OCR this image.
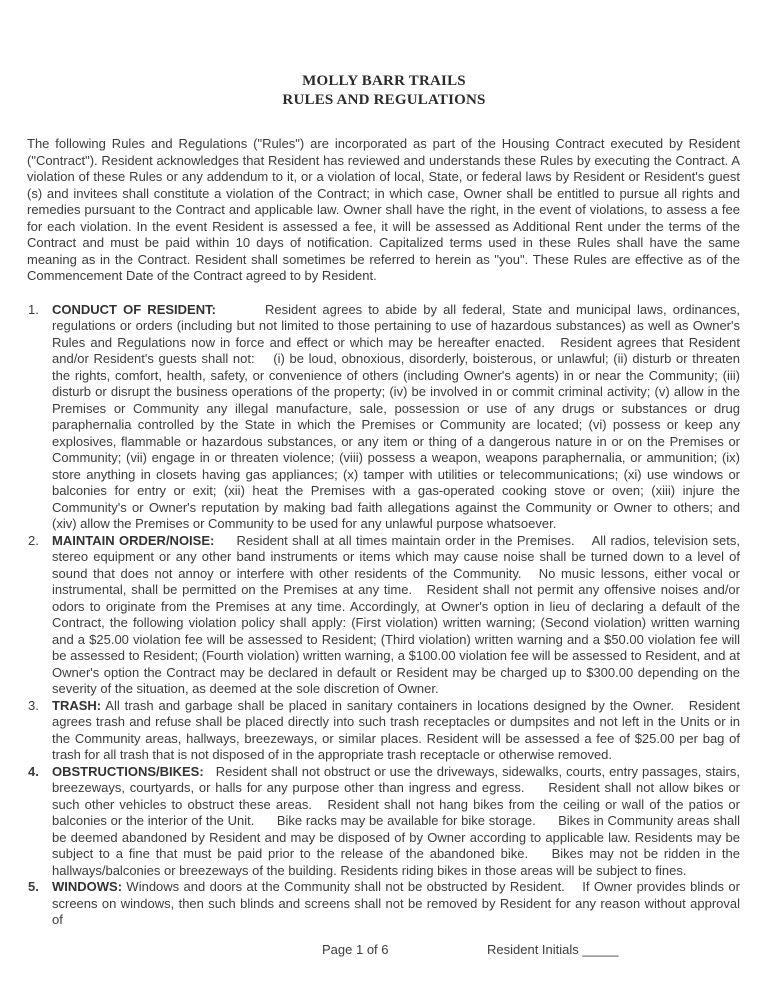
MOLLY BARR TRAILS
RULES AND REGULATIONS

The following Rules and Regulations ("Rules") are incorporated as part of the Housing Contract executed by Resident ("Contract"). Resident acknowledges that Resident has reviewed and understands these Rules by executing the Contract. A violation of these Rules or any addendum to it, or a violation of local, State, or federal laws by Resident or Resident's guest (s) and invitees shall constitute a violation of the Contract; in which case, Owner shall be entitled to pursue all rights and remedies pursuant to the Contract and applicable law. Owner shall have the right, in the event of violations, to assess a fee for each violation. In the event Resident is assessed a fee, it will be assessed as Additional Rent under the terms of the Contract and must be paid within 10 days of notification. Capitalized terms used in these Rules shall have the same meaning as in the Contract. Resident shall sometimes be referred to herein as "you". These Rules are effective as of the Commencement Date of the Contract agreed to by Resident.

1. CONDUCT OF RESIDENT:        Resident agrees to abide by all federal, State and municipal laws, ordinances, regulations or orders (including but not limited to those pertaining to use of hazardous substances) as well as Owner's Rules and Regulations now in force and effect or which may be hereafter enacted.   Resident agrees that Resident and/or Resident's guests shall not:    (i) be loud, obnoxious, disorderly, boisterous, or unlawful; (ii) disturb or threaten the rights, comfort, health, safety, or convenience of others (including Owner's agents) in or near the Community; (iii) disturb or disrupt the business operations of the property; (iv) be involved in or commit criminal activity; (v) allow in the Premises or Community any illegal manufacture, sale, possession or use of any drugs or substances or drug paraphernalia controlled by the State in which the Premises or Community are located; (vi) possess or keep any explosives, flammable or hazardous substances, or any item or thing of a dangerous nature in or on the Premises or Community; (vii) engage in or threaten violence; (viii) possess a weapon, weapons paraphernalia, or ammunition; (ix) store anything in closets having gas appliances; (x) tamper with utilities or telecommunications; (xi) use windows or balconies for entry or exit; (xii) heat the Premises with a gas-operated cooking stove or oven; (xiii) injure the Community's or Owner's reputation by making bad faith allegations against the Community or Owner to others; and (xiv) allow the Premises or Community to be used for any unlawful purpose whatsoever.
2. MAINTAIN ORDER/NOISE:     Resident shall at all times maintain order in the Premises.    All radios, television sets, stereo equipment or any other band instruments or items which may cause noise shall be turned down to a level of sound that does not annoy or interfere with other residents of the Community.   No music lessons, either vocal or instrumental, shall be permitted on the Premises at any time.   Resident shall not permit any offensive noises and/or odors to originate from the Premises at any time. Accordingly, at Owner's option in lieu of declaring a default of the Contract, the following violation policy shall apply: (First violation) written warning; (Second violation) written warning and a $25.00 violation fee will be assessed to Resident; (Third violation) written warning and a $50.00 violation fee will be assessed to Resident; (Fourth violation) written warning, a $100.00 violation fee will be assessed to Resident, and at Owner's option the Contract may be declared in default or Resident may be charged up to $300.00 depending on the severity of the situation, as deemed at the sole discretion of Owner.
3. TRASH: All trash and garbage shall be placed in sanitary containers in locations designed by the Owner.   Resident agrees trash and refuse shall be placed directly into such trash receptacles or dumpsites and not left in the Units or in the Community areas, hallways, breezeways, or similar places. Resident will be assessed a fee of $25.00 per bag of trash for all trash that is not disposed of in the appropriate trash receptacle or otherwise removed.
4. OBSTRUCTIONS/BIKES:   Resident shall not obstruct or use the driveways, sidewalks, courts, entry passages, stairs, breezeways, courtyards, or halls for any purpose other than ingress and egress.     Resident shall not allow bikes or such other vehicles to obstruct these areas.   Resident shall not hang bikes from the ceiling or wall of the patios or balconies or the interior of the Unit.      Bike racks may be available for bike storage.      Bikes in Community areas shall be deemed abandoned by Resident and may be disposed of by Owner according to applicable law. Residents may be subject to a fine that must be paid prior to the release of the abandoned bike.    Bikes may not be ridden in the hallways/balconies or breezeways of the building. Residents riding bikes in those areas will be subject to fines.
5. WINDOWS: Windows and doors at the Community shall not be obstructed by Resident.    If Owner provides blinds or screens on windows, then such blinds and screens shall not be removed by Resident for any reason without approval of
Page 1 of 6	Resident Initials _____
